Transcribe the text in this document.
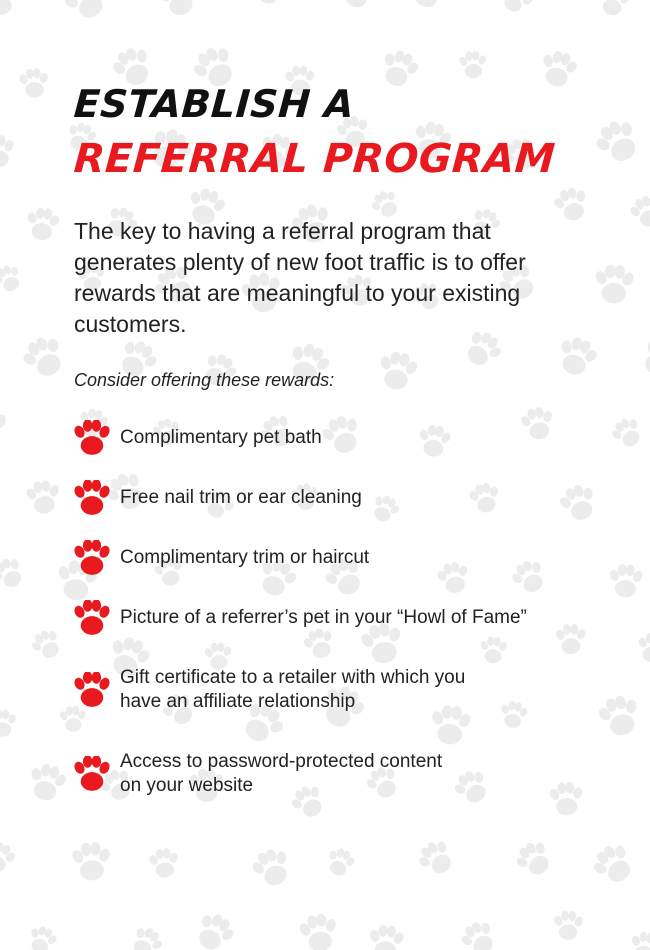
ESTABLISH A
REFERRAL PROGRAM

The key to having a referral program that generates plenty of new foot traffic is to offer rewards that are meaningful to your existing customers.

Consider offering these rewards:

Complimentary pet bath
Free nail trim or ear cleaning
Complimentary trim or haircut
Picture of a referrer’s pet in your “Howl of Fame”
Gift certificate to a retailer with which you
have an affiliate relationship
Access to password-protected content
on your website
